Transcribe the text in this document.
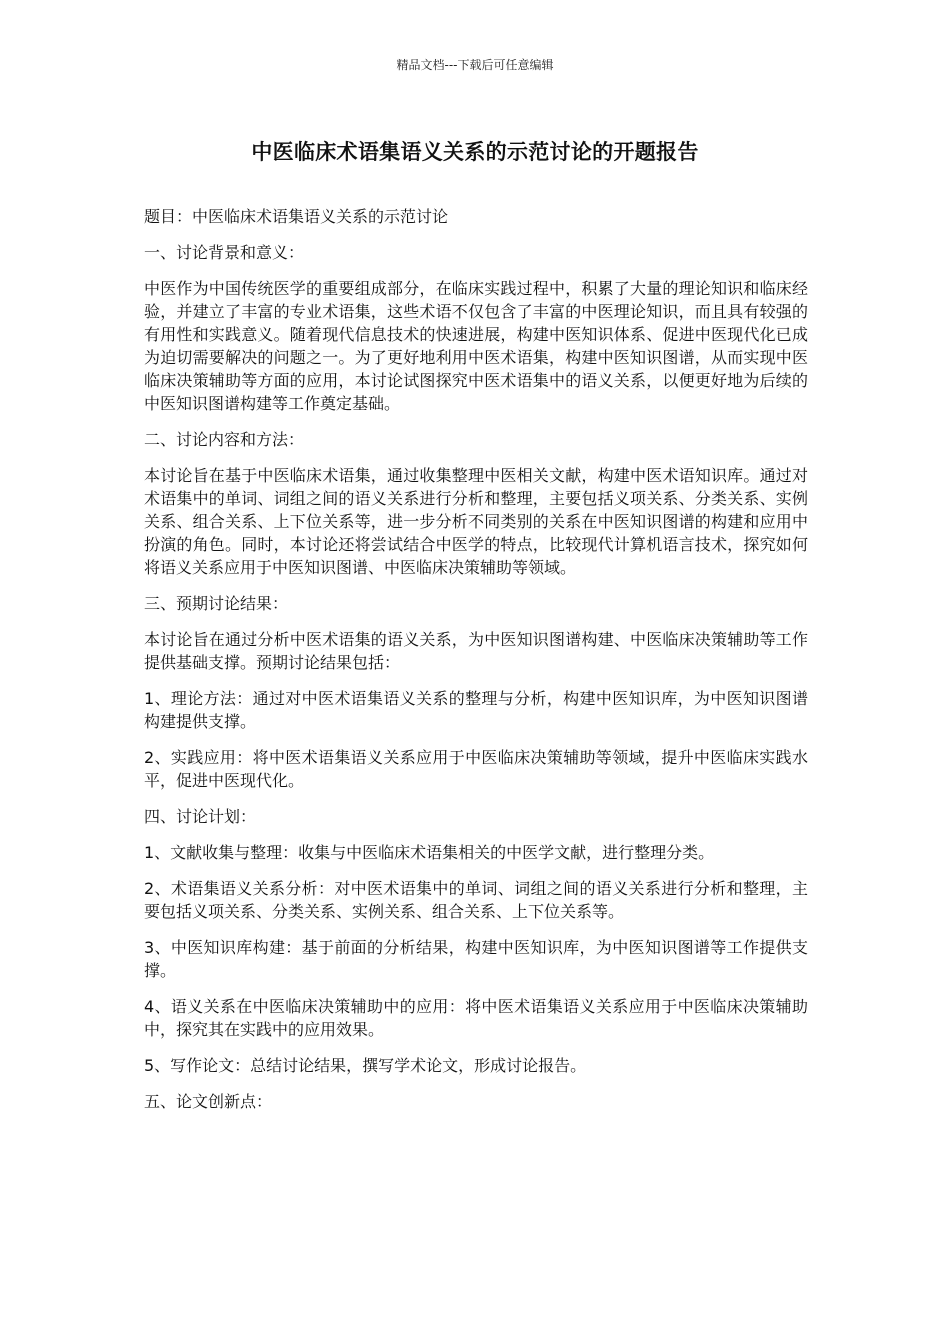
精品文档---下载后可任意编辑
中医临床术语集语义关系的示范讨论的开题报告

题目：中医临床术语集语义关系的示范讨论

一、讨论背景和意义：

中医作为中国传统医学的重要组成部分，在临床实践过程中，积累了大量的理论知识和临床经验，并建立了丰富的专业术语集，这些术语不仅包含了丰富的中医理论知识，而且具有较强的有用性和实践意义。随着现代信息技术的快速进展，构建中医知识体系、促进中医现代化已成为迫切需要解决的问题之一。为了更好地利用中医术语集，构建中医知识图谱，从而实现中医临床决策辅助等方面的应用，本讨论试图探究中医术语集中的语义关系，以便更好地为后续的中医知识图谱构建等工作奠定基础。

二、讨论内容和方法：

本讨论旨在基于中医临床术语集，通过收集整理中医相关文献，构建中医术语知识库。通过对术语集中的单词、词组之间的语义关系进行分析和整理，主要包括义项关系、分类关系、实例关系、组合关系、上下位关系等，进一步分析不同类别的关系在中医知识图谱的构建和应用中扮演的角色。同时，本讨论还将尝试结合中医学的特点，比较现代计算机语言技术，探究如何将语义关系应用于中医知识图谱、中医临床决策辅助等领域。

三、预期讨论结果：

本讨论旨在通过分析中医术语集的语义关系，为中医知识图谱构建、中医临床决策辅助等工作提供基础支撑。预期讨论结果包括：

1、理论方法：通过对中医术语集语义关系的整理与分析，构建中医知识库，为中医知识图谱构建提供支撑。

2、实践应用：将中医术语集语义关系应用于中医临床决策辅助等领域，提升中医临床实践水平，促进中医现代化。

四、讨论计划：

1、文献收集与整理：收集与中医临床术语集相关的中医学文献，进行整理分类。

2、术语集语义关系分析：对中医术语集中的单词、词组之间的语义关系进行分析和整理，主要包括义项关系、分类关系、实例关系、组合关系、上下位关系等。

3、中医知识库构建：基于前面的分析结果，构建中医知识库，为中医知识图谱等工作提供支撑。

4、语义关系在中医临床决策辅助中的应用：将中医术语集语义关系应用于中医临床决策辅助中，探究其在实践中的应用效果。

5、写作论文：总结讨论结果，撰写学术论文，形成讨论报告。

五、论文创新点：
